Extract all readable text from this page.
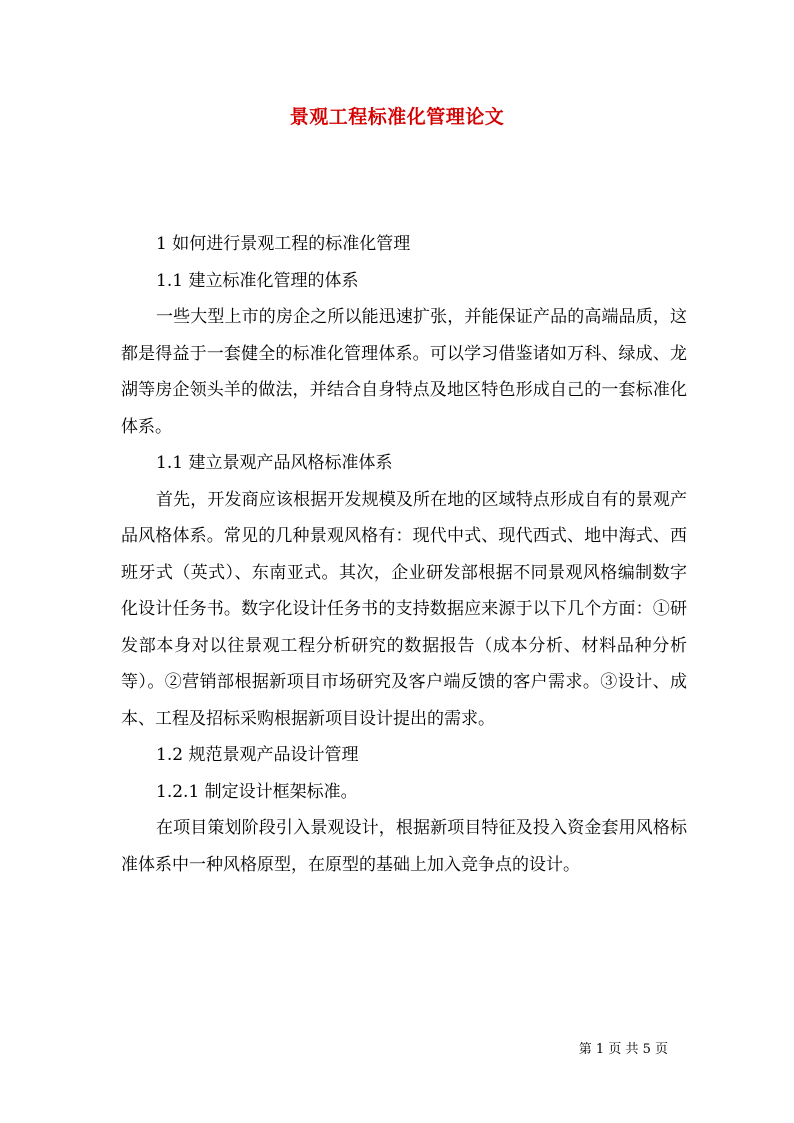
景观工程标准化管理论文

1 如何进行景观工程的标准化管理

1.1 建立标准化管理的体系

一些大型上市的房企之所以能迅速扩张，并能保证产品的高端品质，这都是得益于一套健全的标准化管理体系。可以学习借鉴诸如万科、绿成、龙湖等房企领头羊的做法，并结合自身特点及地区特色形成自己的一套标准化体系。

1.1 建立景观产品风格标准体系

首先，开发商应该根据开发规模及所在地的区域特点形成自有的景观产品风格体系。常见的几种景观风格有：现代中式、现代西式、地中海式、西班牙式（英式）、东南亚式。其次，企业研发部根据不同景观风格编制数字化设计任务书。数字化设计任务书的支持数据应来源于以下几个方面：①研发部本身对以往景观工程分析研究的数据报告（成本分析、材料品种分析等）。②营销部根据新项目市场研究及客户端反馈的客户需求。③设计、成本、工程及招标采购根据新项目设计提出的需求。

1.2 规范景观产品设计管理

1.2.1 制定设计框架标准。

在项目策划阶段引入景观设计，根据新项目特征及投入资金套用风格标准体系中一种风格原型，在原型的基础上加入竞争点的设计。

第 1 页 共 5 页
